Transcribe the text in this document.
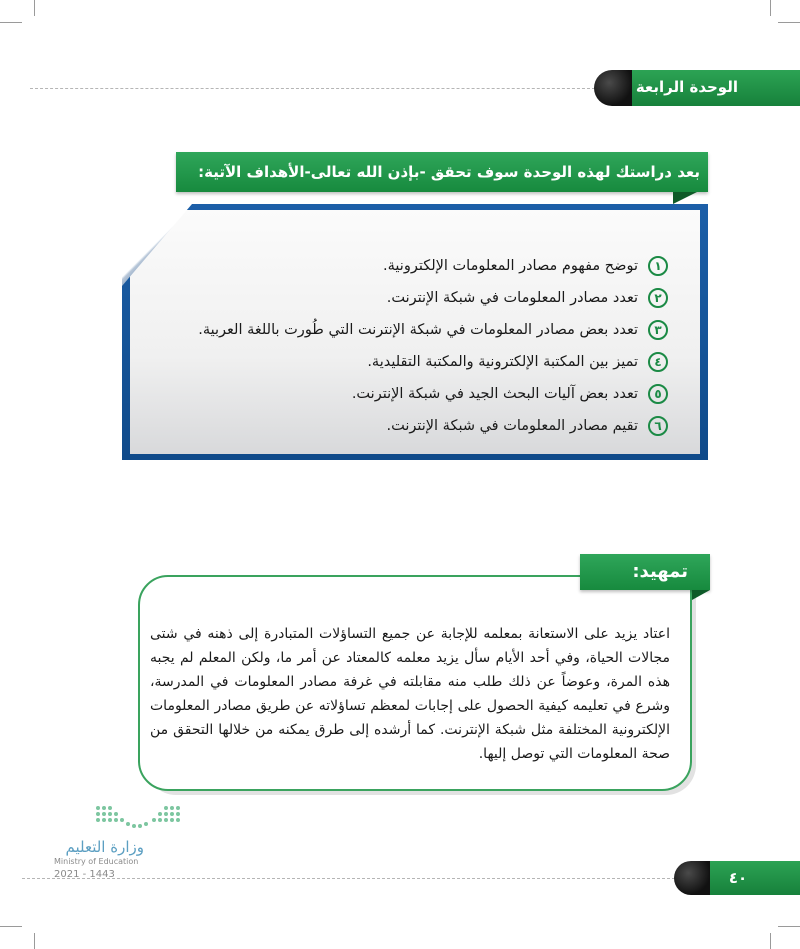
الوحدة الرابعة
بعد دراستك لهذه الوحدة سوف تحقق -بإذن الله تعالى-الأهداف الآتية:
١
توضح مفهوم مصادر المعلومات الإلكترونية.
٢
تعدد مصادر المعلومات في شبكة الإنترنت.
٣
تعدد بعض مصادر المعلومات في شبكة الإنترنت التي طُورت باللغة العربية.
٤
تميز بين المكتبة الإلكترونية والمكتبة التقليدية.
٥
تعدد بعض آليات البحث الجيد في شبكة الإنترنت.
٦
تقيم مصادر المعلومات في شبكة الإنترنت.
تمهيد:

اعتاد يزيد على الاستعانة بمعلمه للإجابة عن جميع التساؤلات المتبادرة إلى ذهنه في شتى مجالات الحياة، وفي أحد الأيام سأل يزيد معلمه كالمعتاد عن أمر ما، ولكن المعلم لم يجبه هذه المرة، وعوضاً عن ذلك طلب منه مقابلته في غرفة مصادر المعلومات في المدرسة، وشرع في تعليمه كيفية الحصول على إجابات لمعظم تساؤلاته عن طريق مصادر المعلومات الإلكترونية المختلفة مثل شبكة الإنترنت. كما أرشده إلى طرق يمكنه من خلالها التحقق من صحة المعلومات التي توصل إليها.

وزارة التعليم
Ministry of Education
2021 - 1443	٤٠
